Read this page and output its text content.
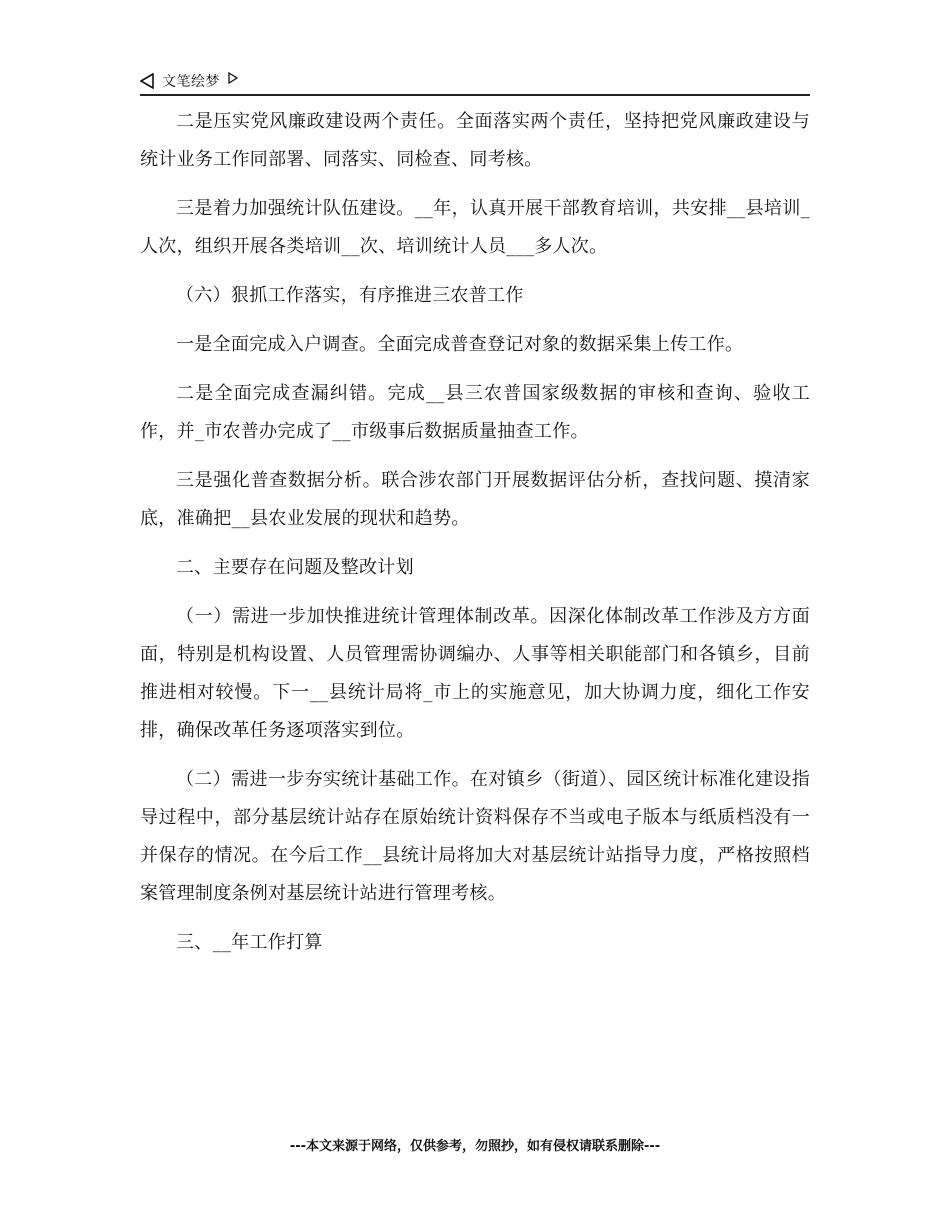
文笔绘梦

二是压实党风廉政建设两个责任。全面落实两个责任，坚持把党风廉政建设与统计业务工作同部署、同落实、同检查、同考核。

三是着力加强统计队伍建设。__年，认真开展干部教育培训，共安排__县培训_人次，组织开展各类培训__次、培训统计人员___多人次。

（六）狠抓工作落实，有序推进三农普工作

一是全面完成入户调查。全面完成普查登记对象的数据采集上传工作。

二是全面完成查漏纠错。完成__县三农普国家级数据的审核和查询、验收工作，并_市农普办完成了__市级事后数据质量抽查工作。

三是强化普查数据分析。联合涉农部门开展数据评估分析，查找问题、摸清家底，准确把__县农业发展的现状和趋势。

二、主要存在问题及整改计划

（一）需进一步加快推进统计管理体制改革。因深化体制改革工作涉及方方面面，特别是机构设置、人员管理需协调编办、人事等相关职能部门和各镇乡，目前推进相对较慢。下一__县统计局将_市上的实施意见，加大协调力度，细化工作安排，确保改革任务逐项落实到位。

（二）需进一步夯实统计基础工作。在对镇乡（街道）、园区统计标准化建设指导过程中，部分基层统计站存在原始统计资料保存不当或电子版本与纸质档没有一并保存的情况。在今后工作__县统计局将加大对基层统计站指导力度，严格按照档案管理制度条例对基层统计站进行管理考核。

三、__年工作打算

---本文来源于网络，仅供参考，勿照抄，如有侵权请联系删除---
